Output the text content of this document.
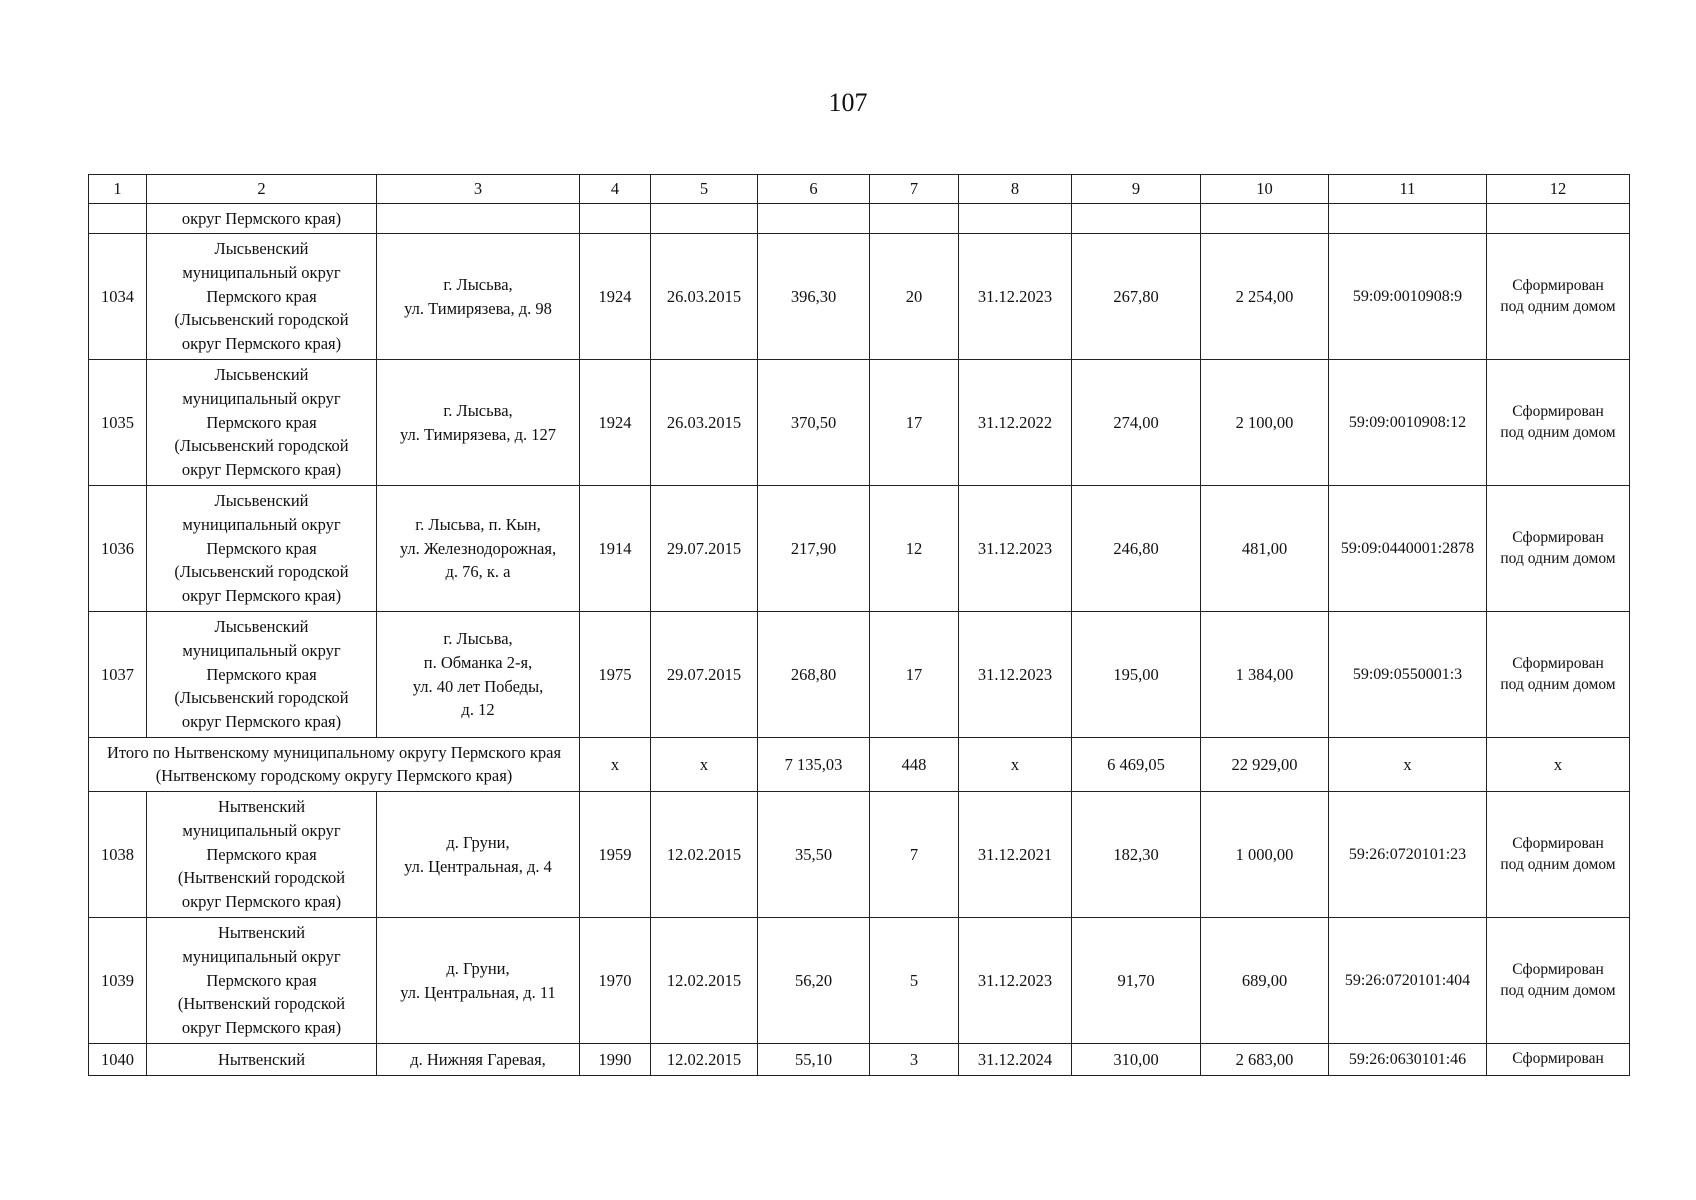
107
1	2	3	4	5	6	7	8	9	10	11	12
	округ Пермского края)										
1034	Лысьвенский
муниципальный округ
Пермского края
(Лысьвенский городской
округ Пермского края)	г. Лысьва,
ул. Тимирязева, д. 98	1924	26.03.2015	396,30	20	31.12.2023	267,80	2 254,00	59:09:0010908:9	Сформирован
под одним домом
1035	Лысьвенский
муниципальный округ
Пермского края
(Лысьвенский городской
округ Пермского края)	г. Лысьва,
ул. Тимирязева, д. 127	1924	26.03.2015	370,50	17	31.12.2022	274,00	2 100,00	59:09:0010908:12	Сформирован
под одним домом
1036	Лысьвенский
муниципальный округ
Пермского края
(Лысьвенский городской
округ Пермского края)	г. Лысьва, п. Кын,
ул. Железнодорожная,
д. 76, к. а	1914	29.07.2015	217,90	12	31.12.2023	246,80	481,00	59:09:0440001:2878	Сформирован
под одним домом
1037	Лысьвенский
муниципальный округ
Пермского края
(Лысьвенский городской
округ Пермского края)	г. Лысьва,
п. Обманка 2-я,
ул. 40 лет Победы,
д. 12	1975	29.07.2015	268,80	17	31.12.2023	195,00	1 384,00	59:09:0550001:3	Сформирован
под одним домом
Итого по Нытвенскому муниципальному округу Пермского края (Нытвенскому городскому округу Пермского края)			x	x	7 135,03	448	x	6 469,05	22 929,00	x	x
1038	Нытвенский
муниципальный округ
Пермского края
(Нытвенский городской
округ Пермского края)	д. Груни,
ул. Центральная, д. 4	1959	12.02.2015	35,50	7	31.12.2021	182,30	1 000,00	59:26:0720101:23	Сформирован
под одним домом
1039	Нытвенский
муниципальный округ
Пермского края
(Нытвенский городской
округ Пермского края)	д. Груни,
ул. Центральная, д. 11	1970	12.02.2015	56,20	5	31.12.2023	91,70	689,00	59:26:0720101:404	Сформирован
под одним домом
1040	Нытвенский	д. Нижняя Гаревая,	1990	12.02.2015	55,10	3	31.12.2024	310,00	2 683,00	59:26:0630101:46	Сформирован
